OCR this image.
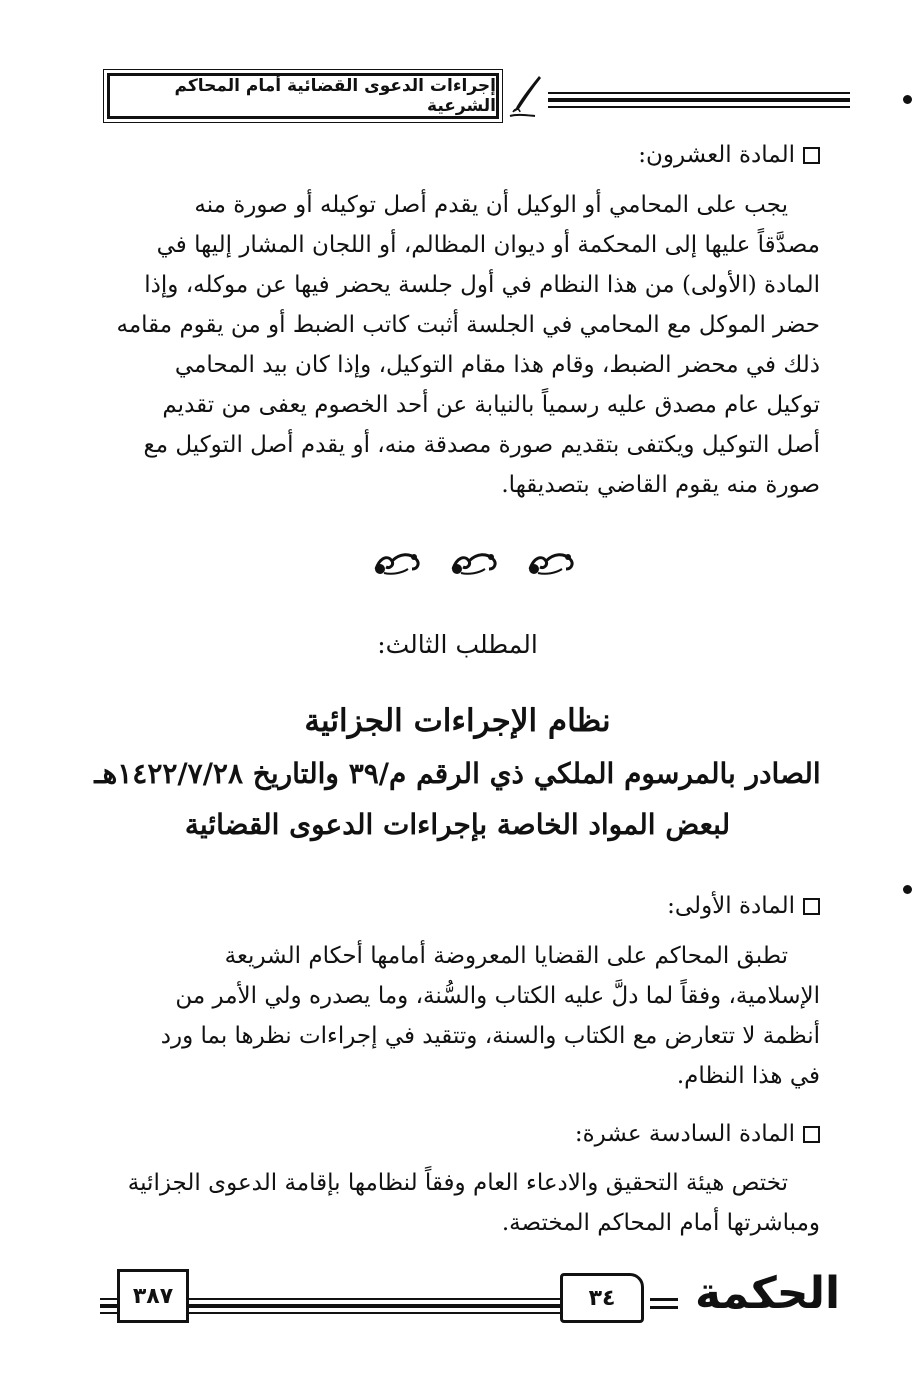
إجراءات الدعوى القضائية أمام المحاكم الشرعية
المادة العشرون:
يجب على المحامي أو الوكيل أن يقدم أصل توكيله أو صورة منه
مصدَّقاً عليها إلى المحكمة أو ديوان المظالم، أو اللجان المشار إليها في
المادة (الأولى) من هذا النظام في أول جلسة يحضر فيها عن موكله، وإذا
حضر الموكل مع المحامي في الجلسة أثبت كاتب الضبط أو من يقوم مقامه
ذلك في محضر الضبط، وقام هذا مقام التوكيل، وإذا كان بيد المحامي
توكيل عام مصدق عليه رسمياً بالنيابة عن أحد الخصوم يعفى من تقديم
أصل التوكيل ويكتفى بتقديم صورة مصدقة منه، أو يقدم أصل التوكيل مع
صورة منه يقوم القاضي بتصديقها.
المطلب الثالث:
نظام الإجراءات الجزائية
الصادر بالمرسوم الملكي ذي الرقم م/٣٩ والتاريخ ١٤٢٢/٧/٢٨هـ
لبعض المواد الخاصة بإجراءات الدعوى القضائية
المادة الأولى:
تطبق المحاكم على القضايا المعروضة أمامها أحكام الشريعة
الإسلامية، وفقاً لما دلَّ عليه الكتاب والسُّنة، وما يصدره ولي الأمر من
أنظمة لا تتعارض مع الكتاب والسنة، وتتقيد في إجراءات نظرها بما ورد
في هذا النظام.
المادة السادسة عشرة:
تختص هيئة التحقيق والادعاء العام وفقاً لنظامها بإقامة الدعوى الجزائية
ومباشرتها أمام المحاكم المختصة.
٣٨٧	٣٤ الحكمة
